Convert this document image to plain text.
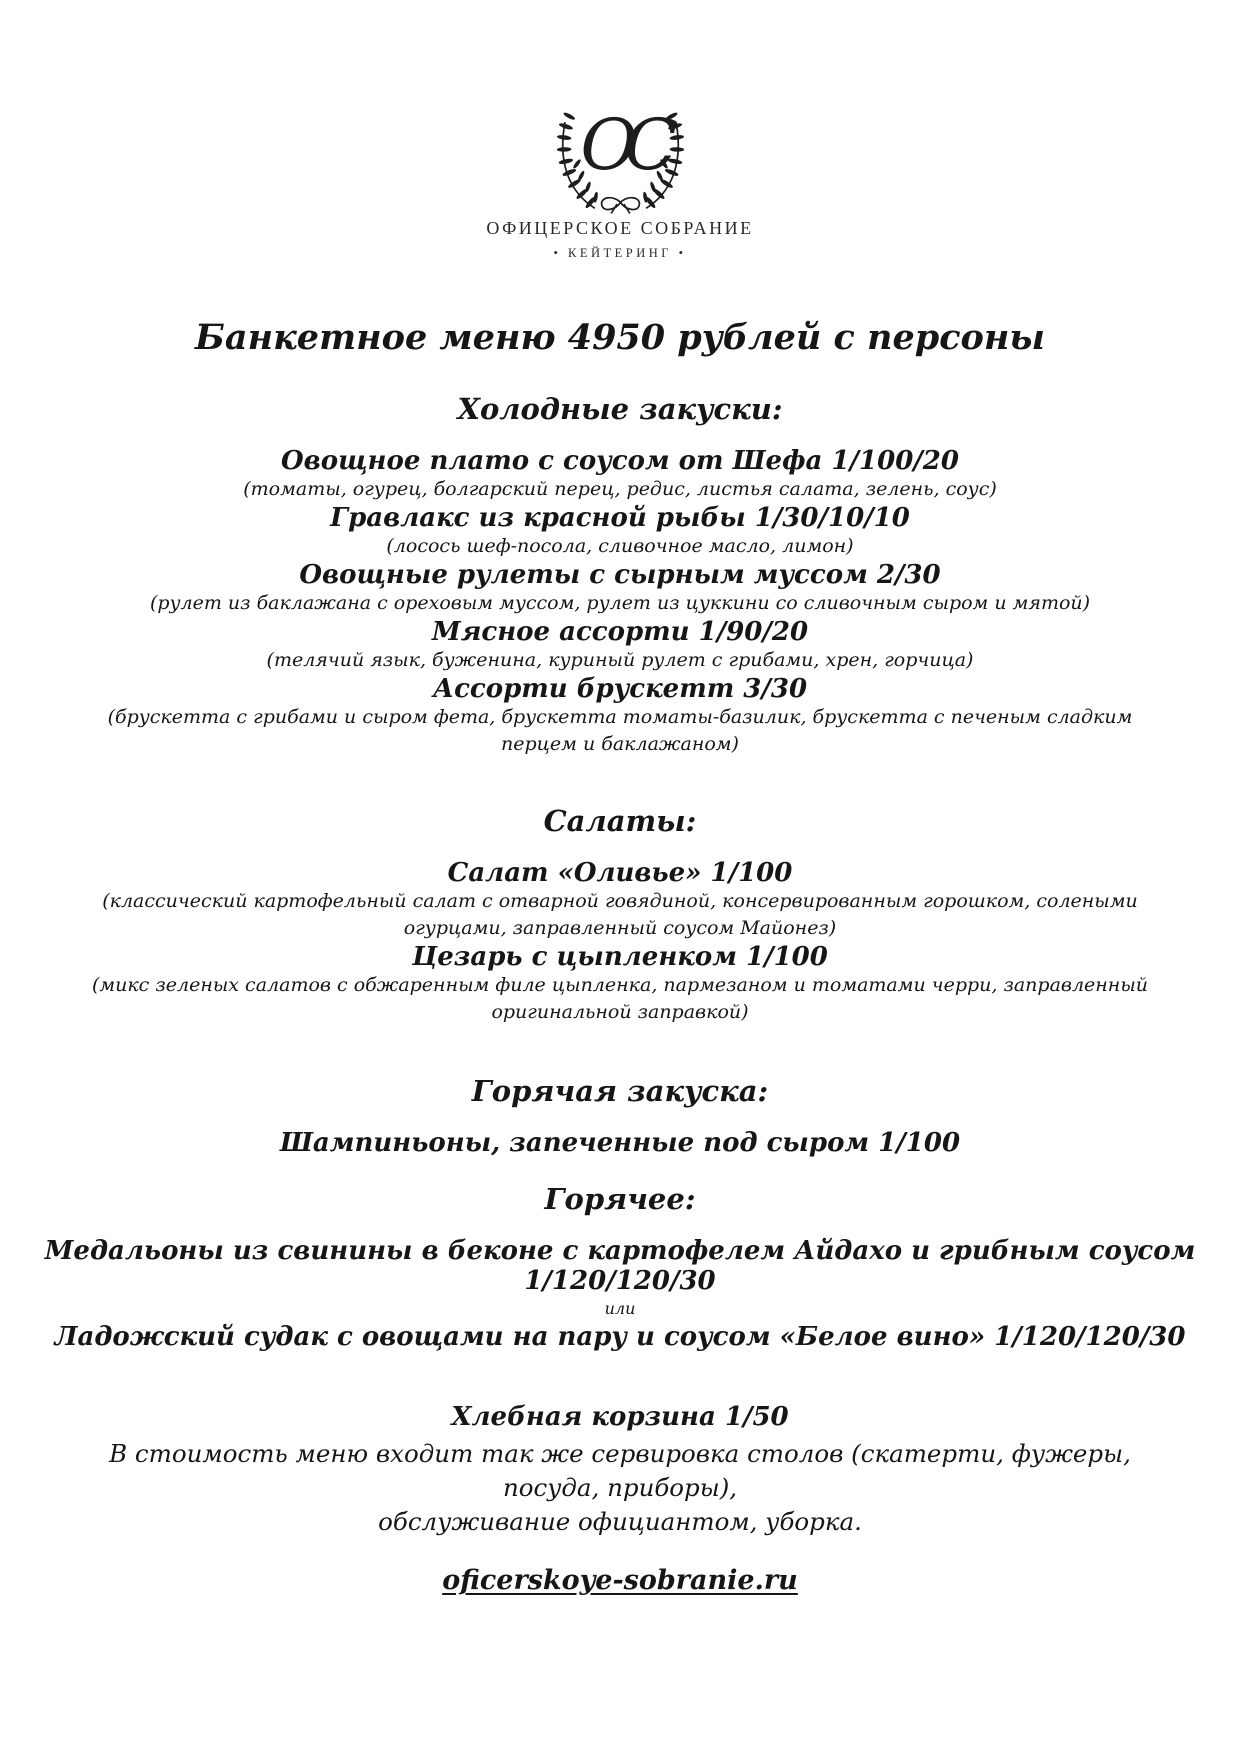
ОС
ОФИЦЕРСКОЕ СОБРАНИЕ
• КЕЙТЕРИНГ •
Банкетное меню 4950 рублей с персоны
Холодные закуски:

Овощное плато с соусом от Шефа 1/100/20

(томаты, огурец, болгарский перец, редис, листья салата, зелень, соус)

Гравлакс из красной рыбы 1/30/10/10

(лосось шеф-посола, сливочное масло, лимон)

Овощные рулеты с сырным муссом 2/30

(рулет из баклажана с ореховым муссом, рулет из цуккини со сливочным сыром и мятой)

Мясное ассорти 1/90/20

(телячий язык, буженина, куриный рулет с грибами, хрен, горчица)

Ассорти брускетт 3/30

(брускетта с грибами и сыром фета, брускетта томаты-базилик, брускетта с печеным сладким перцем и баклажаном)

Салаты:

Салат «Оливье» 1/100

(классический картофельный салат с отварной говядиной, консервированным горошком, солеными огурцами, заправленный соусом Майонез)

Цезарь с цыпленком 1/100

(микс зеленых салатов с обжаренным филе цыпленка, пармезаном и томатами черри, заправленный оригинальной заправкой)

Горячая закуска:

Шампиньоны, запеченные под сыром 1/100

Горячее:

Медальоны из свинины в беконе с картофелем Айдахо и грибным соусом 1/120/120/30

или

Ладожский судак с овощами на пару и соусом «Белое вино» 1/120/120/30

Хлебная корзина 1/50

В стоимость меню входит так же сервировка столов (скатерти, фужеры, посуда, приборы),
обслуживание официантом, уборка.

oficerskoye-sobranie.ru
